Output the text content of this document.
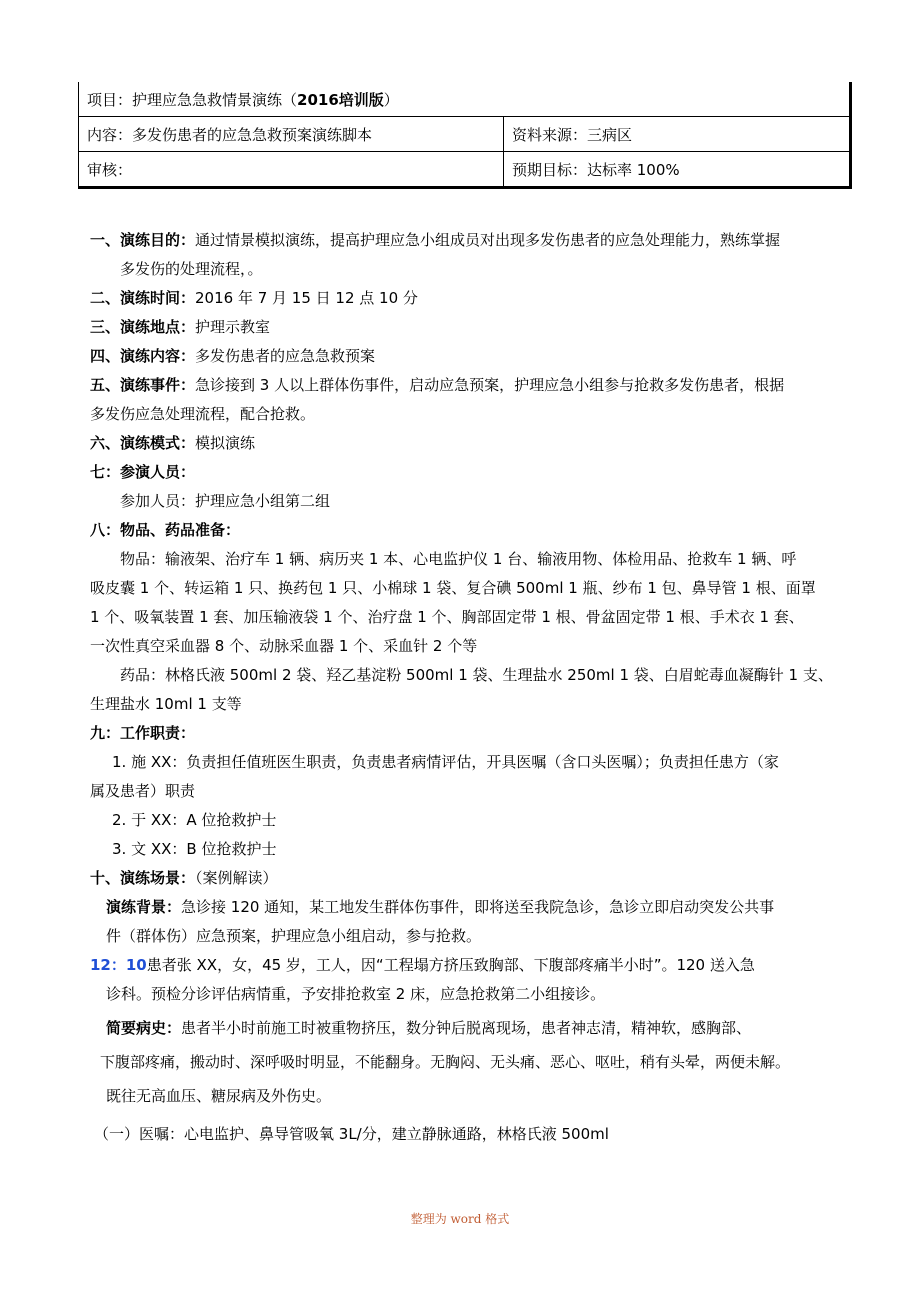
项目：护理应急急救情景演练（2016培训版）	
内容：多发伤患者的应急急救预案演练脚本	资料来源：三病区
审核：	预期目标：达标率 100%
一、演练目的：通过情景模拟演练，提高护理应急小组成员对出现多发伤患者的应急处理能力，熟练掌握
多发伤的处理流程，。
二、演练时间：2016 年 7 月 15 日 12 点 10 分
三、演练地点：护理示教室
四、演练内容：多发伤患者的应急急救预案
五、演练事件：急诊接到 3 人以上群体伤事件，启动应急预案，护理应急小组参与抢救多发伤患者，根据
多发伤应急处理流程，配合抢救。
六、演练模式：模拟演练
七：参演人员：
参加人员：护理应急小组第二组
八：物品、药品准备：
物品：输液架、治疗车 1 辆、病历夹 1 本、心电监护仪 1 台、输液用物、体检用品、抢救车 1 辆、呼
吸皮囊 1 个、转运箱 1 只、换药包 1 只、小棉球 1 袋、复合碘 500ml 1 瓶、纱布 1 包、鼻导管 1 根、面罩
1 个、吸氧装置 1 套、加压输液袋 1 个、治疗盘 1 个、胸部固定带 1 根、骨盆固定带 1 根、手术衣 1 套、
一次性真空采血器 8 个、动脉采血器 1 个、采血针 2 个等
药品：林格氏液 500ml 2 袋、羟乙基淀粉 500ml 1 袋、生理盐水 250ml 1 袋、白眉蛇毒血凝酶针 1 支、
生理盐水 10ml 1 支等
九：工作职责：
1. 施 XX：负责担任值班医生职责，负责患者病情评估，开具医嘱（含口头医嘱）；负责担任患方（家
属及患者）职责
2. 于 XX：A 位抢救护士
3. 文 XX：B 位抢救护士
十、演练场景：（案例解读）
演练背景：急诊接 120 通知，某工地发生群体伤事件，即将送至我院急诊，急诊立即启动突发公共事
件（群体伤）应急预案，护理应急小组启动，参与抢救。
12：10患者张 XX，女，45 岁，工人，因“工程塌方挤压致胸部、下腹部疼痛半小时”。120 送入急
诊科。预检分诊评估病情重，予安排抢救室 2 床，应急抢救第二小组接诊。
简要病史：患者半小时前施工时被重物挤压，数分钟后脱离现场，患者神志清，精神软，感胸部、
下腹部疼痛，搬动时、深呼吸时明显，不能翻身。无胸闷、无头痛、恶心、呕吐，稍有头晕，两便未解。
既往无高血压、糖尿病及外伤史。
（一）医嘱：心电监护、鼻导管吸氧 3L/分，建立静脉通路，林格氏液 500ml
整理为 word 格式
